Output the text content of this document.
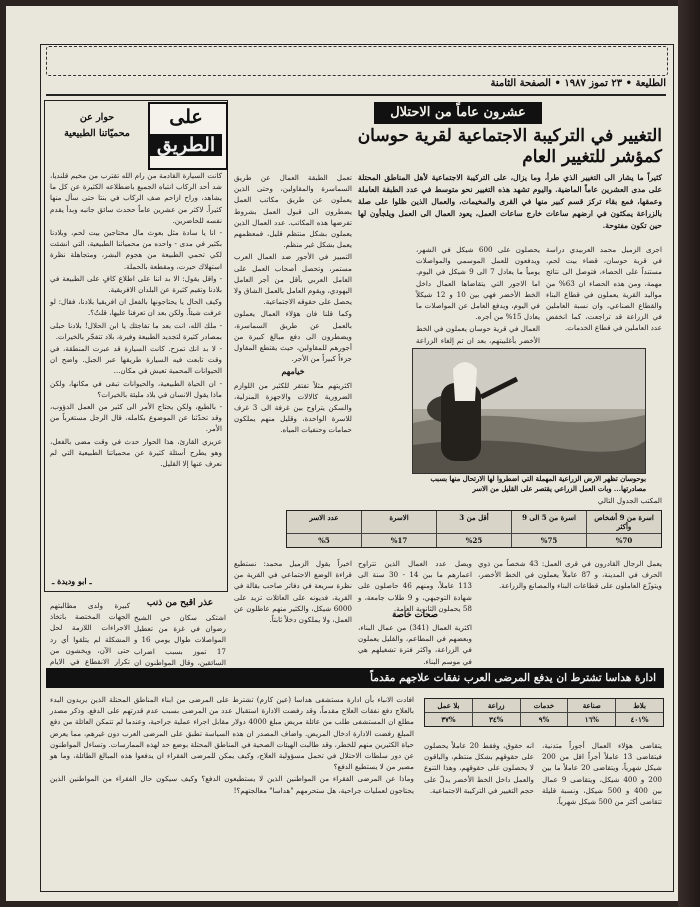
الطليعة • ٢٣ تموز ١٩٨٧ • الصفحة الثامنة
على
الطريق
حوار عن
محميّاتنا الطبيعية

كانت السيارة القادمة من رام الله تقترب من مخيم قلنديا، شد أحد الركاب انتباه الجميع باضطلاعه الكثيرة عن كل ما يشاهد، وراح ازاحم صف الركاب في بنتا حتى سأل منها كثيراً. لاكثر من عشرين عاماً ححدث سائق جانبه وبدأ يقدم نفسه للحاضرين.

- انا يا سادة مثل بعوث مال محتاجين بيت لحم، وبلادنا بكثير في مدى - واحده من محمياتنا الطبيعية، التي انشئت لكي تحمي الطبيعة من هجوم البشر، ومتجاهلة نظرة استهلاك حيرت، ومقطعة بالحملة.

- واقل يقول: الا بد اننا على اطلاع كافٍ على الطبيعة في بلادنا وتقيم كثيرة عن البلدان الافريقية.

وكيف الحال يا يحتاجونها بالفعل ان افريقيا بلادنا، فقال: لو عرفت شيئاً. ولكن بعد ان تعرفنا عليها، قلتُ؟.

- ملك الله، انت بعد ما تفاجئك يا ابن الحلال! بلادنا حبلى بمصادر كثيرة لتجديد الطبيعة وفيرة، بلاد تتفجّر بالخيرات.

- لا بد انك تمزح. كانت السيارة قد عبرت المنطقة، في وقت تابعت فيه السيارة طريقها عبر الجبل. واضح ان الحيوانات المحمية تعيش في مكان...

- ان الحياة الطبيعية، والحيوانات تبقى في مكانها، ولكن ماذا يقول الانسان في بلاد مليئة بالخيرات؟

- بالطبع، ولكن يحتاج الأمر الى كثير من العمل الدؤوب، وقد تحدّثنا عن الموضوع بكامله، قال الرجل مستغرباً من الأمر.

عزيزي القارئ، هذا الحوار حدث في وقت مضى بالفعل، وهو يطرح أسئلة كثيرة عن محمياتنا الطبيعية التي لم نعرف عنها إلا القليل.

ـ ابو وديدة ـ
عشرون عاماً من الاحتلال
التغيير في التركيبة الاجتماعية لقرية حوسان
كمؤشر للتغيير العام
كثيراً ما يشار الى التغيير الذي طرأ، وما يزال، على التركيبة الاجتماعية لأهل المناطق المحتلة على مدى العشرين عاماً الماضية. واليوم تشهد هذه التغيير نحو متوسط في عدد الطبقة العاملة وعمقها، فمع بقاء تركز قسم كبير منها في القرى والمخيمات، والعمال الذين ظلوا على صلة بالزراعة يمكثون في ارضهم ساعات خارج ساعات العمل، يعود العمال الى العمل ويلجأون لها حين تكون مفتوحة.

اجرى الزميل محمد العربيدي دراسة في قرية حوسان، قضاء بيت لحم، مستنداً على الحصاء، فتوصل الى نتائج مهمة، ومن هذه الحصاء ان 63% من مواليد القرية يعملون في قطاع البناء والقطاع الصناعي، وان نسبة العاملين في الزراعة قد تراجعت، كما انخفض عدد العاملين في قطاع الخدمات.

يحصلون على 600 شيكل في الشهر، ويدفعون للعمل الموسمي والمواصلات يومياً ما يعادل 7 الى 9 شيكل في اليوم. اما الاجور التي يتقاضاها العمال داخل الخط الأخضر فهي بين 10 و 12 شيكلاً في اليوم، ويدفع العامل عن المواصلات ما يعادل 15% من أجره.

العمال في قرية حوسان يعملون في الخط الأخضر بأغلبيتهم، بعد ان تم إلغاء الزراعة

تعمل الطبقة العمال عن طريق السماسرة والمقاولين، وحتى الذين يعملون عن طريق مكاتب العمل يضطرون الى قبول العمل بشروط تفرضها هذه المكاتب. عدد العمال الذين يعملون بشكل منتظم قليل، فمعظمهم يعمل بشكل غير منظم.

التمييز في الأجور ضد العمال العرب مستمر، وتحصل أصحاب العمل على العامل العربي بأقل من أجر العامل اليهودي، ويقوم العامل بالعمل الشاق ولا يحصل على حقوقه الاجتماعية.

وكما قلنا فان هؤلاء العمال يعملون بالعمل عن طريق السماسرة، ويضطرون الى دفع مبالغ كبيرة من أجورهم للمقاولين، حيث يقتطع المقاول جزءاً كبيراً من الأجر.

خيامهم

اكثريتهم مثلاً تفتقر للكثير من اللوازم الضرورية كالالات والاجهزة المنزلية، والسكن يتراوح بين غرفة الى 3 غرف للاسرة الواحدة، وقليل منهم يملكون حمامات وحنفيات المياه.

بوحوسان تظهر الارض الزراعية المهملة التي اضطروا لها الارتحال منها بسبب مصادرتها... وبات العمل الزراعي يقتصر على القليل من الاسر
المكتب الجدول التالي
اسرة من 9 أشخاص وأكثر
اسرة من 5 الى 9
أقل من 3
الاسرة
عدد الاسر
%70
%75
%25
%17
%5
اخيراً يقول الزميل محمد: نستطيع قراءة الوضع الاجتماعي في القرية من نظرة سريعة في دفاتر صاحب بقالة في القرية، فديونه على العائلات تزيد على 6000 شيكل، والكثير منهم عاطلون عن العمل، ولا يملكون دخلاً ثابتاً.
ويصل عدد العمال الذين تتراوح اعمارهم ما بين 14 - 30 سنة الى 113 عاملاً، ومنهم 46 حاصلون على شهادة التوجيهي، و 9 طلاب جامعة، و 58 يحملون الثانوية العامة.
صحات خاصة
اكثرية العمال (341) من عمال البناء، وبعضهم في المطاعم، والقليل يعملون في الزراعة، واكثر فترة تشغيلهم هي في موسم البناء.
يعمل الرجال القادرون في قرى العمل: 43 شخصاً من ذوي الحرف في المدينة، و 87 عاملاً يعملون في الخط الأخضر، ويتوزّع العاملون على قطاعات البناء والمصانع والزراعة.
عذر اقبح من ذنب
اشتكى سكان حي الشيخ رضوان في غزة من تعطيل المواصلات طوال يومي 16 و 17 تموز بسبب اضراب السائقين، وقال المواطنون ان
كبيرة ولدى مطالبتهم الجهات المختصة باتخاذ الاجراءات اللازمة لحل المشكلة لم يتلقوا أي رد حتى الآن، ويخشون من تكرار الانقطاع في الايام
بلاط
صناعة
خدمات
زراعة
بلا عمل
%٤٠١
%١٦
%٩
%٣٤
%٣٧
ادارة هداسا تشترط ان يدفع المرضى العرب نفقات علاجهم مقدماً

افادت الانباء بأن ادارة مستشفى هداسا (عين كارم) تشترط على المرضى من ابناء المناطق المحتلة الذين يريدون البدء بالعلاج دفع نفقات العلاج مقدماً، وقد رفضت الادارة استقبال عدد من المرضى بسبب عدم قدرتهم على الدفع. وذكر مصدر مطلع ان المستشفى طلب من عائلة مريض مبلغ 4000 دولار مقابل اجراء عملية جراحية، وعندما لم تتمكن العائلة من دفع المبلغ رفضت الادارة ادخال المريض. واضاف المصدر ان هذه السياسة تطبق على المرضى العرب دون غيرهم، مما يعرض حياة الكثيرين منهم للخطر، وقد طالبت الهيئات الصحية في المناطق المحتلة بوضع حد لهذه الممارسات. وتساءل المواطنون عن دور سلطات الاحتلال في تحمل مسؤولية العلاج، وكيف يمكن للمرضى الفقراء ان يدفعوا هذه المبالغ الطائلة، وما هو مصير من لا يستطيع الدفع؟

وماذا عن المرضى الفقراء من المواطنين الذين لا يستطيعون الدفع؟ وكيف سيكون حال الفقراء من المواطنين الذين يحتاجون لعمليات جراحية، هل ستحرمهم "هداسا" معالجتهم؟!

انه حقوق، وفقط 20 عاملاً يحصلون على حقوقهم بشكل منتظم، والباقون لا يحصلون على حقوقهم، وهذا التنوع والعمل داخل الخط الأخضر يدلّ على حجم التغيير في التركيبة الاجتماعية.
يتقاضى هؤلاء العمال أجوراً متدنية، فيتقاضى 13 عاملاً أجراً اقل من 200 شيكل شهرياً، ويتقاضى 20 عاملاً ما بين 200 و 400 شيكل، ويتقاضى 9 عمال بين 400 و 500 شيكل، ونسبة قليلة تتقاضى أكثر من 500 شيكل شهرياً.
